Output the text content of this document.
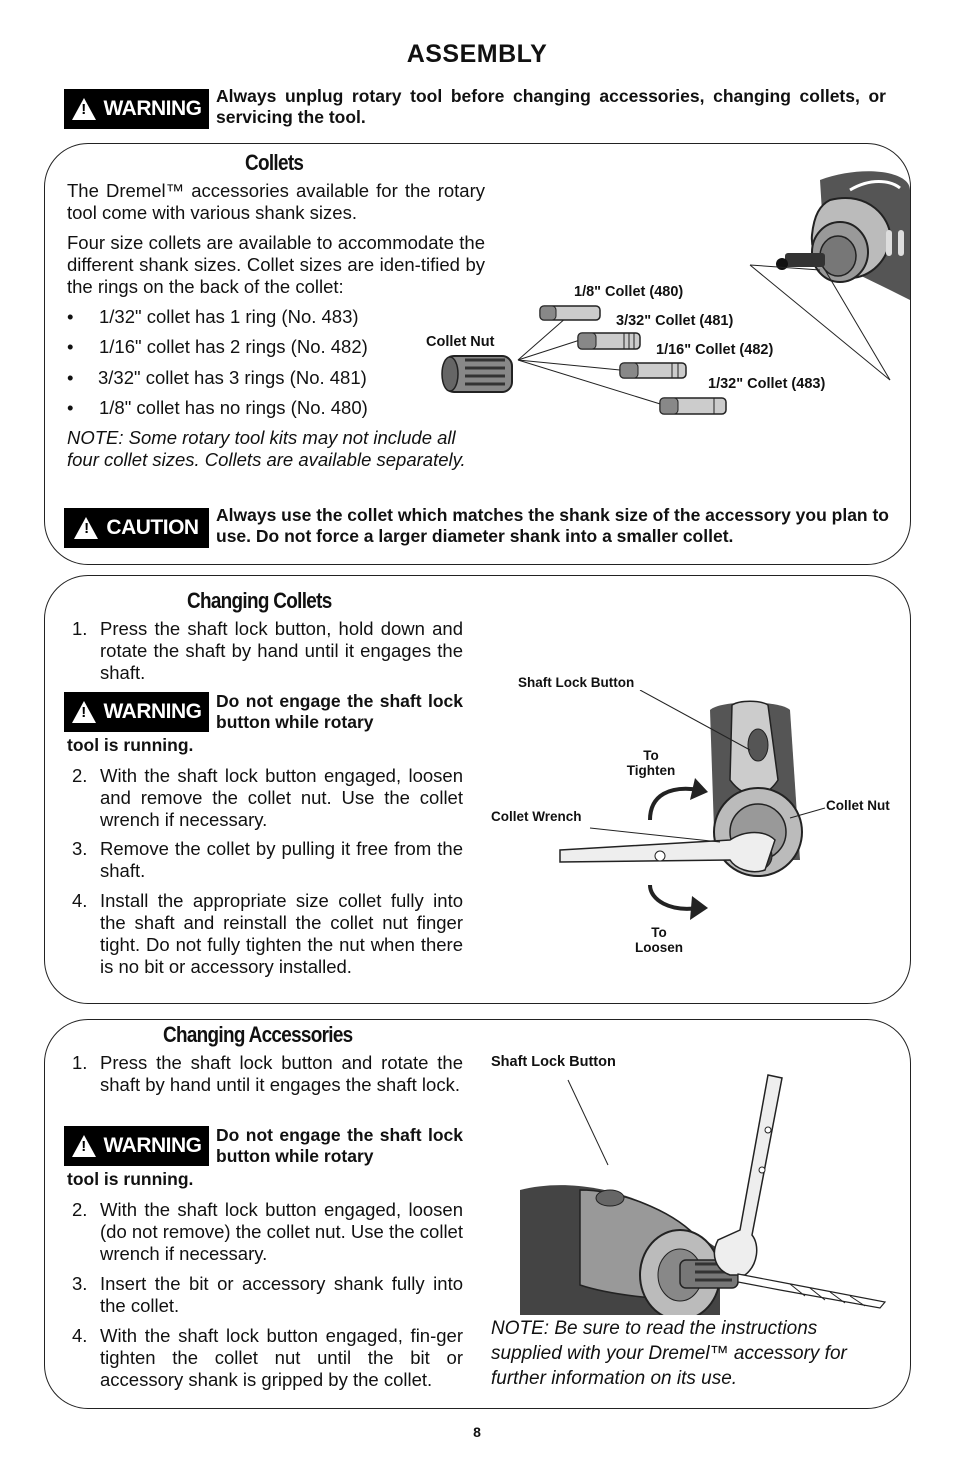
ASSEMBLY
! WARNING
Always unplug rotary tool before changing accessories, changing collets, or servicing the tool.
Collets
The Dremel™ accessories available for the rotary tool come with various shank sizes.
Four size collets are available to accommodate the different shank sizes. Collet sizes are iden-tified by the rings on the back of the collet:
• 1/32" collet has 1 ring (No. 483)
• 1/16" collet has 2 rings (No. 482)
• 3/32" collet has 3 rings (No. 481)
• 1/8" collet has no rings (No. 480)
NOTE: Some rotary tool kits may not include all four collet sizes. Collets are available separately.
Collet Nut
1/8" Collet (480)
3/32" Collet (481)
1/16" Collet (482)
1/32" Collet (483)
! CAUTION
Always use the collet which matches the shank size of the accessory you plan to use. Do not force a larger diameter shank into a smaller collet.
Changing Collets
1. Press the shaft lock button, hold down and rotate the shaft by hand until it engages the shaft.
! WARNING Do not engage the shaft lock button while rotary
tool is running.
2. With the shaft lock button engaged, loosen and remove the collet nut. Use the collet wrench if necessary.
3. Remove the collet by pulling it free from the shaft.
4. Install the appropriate size collet fully into the shaft and reinstall the collet nut finger tight. Do not fully tighten the nut when there is no bit or accessory installed.
Shaft Lock Button
To
Tighten
Collet Nut
Collet Wrench
To
Loosen
Changing Accessories
1. Press the shaft lock button and rotate the shaft by hand until it engages the shaft lock.
! WARNING Do not engage the shaft lock button while rotary
tool is running.
2. With the shaft lock button engaged, loosen (do not remove) the collet nut. Use the collet wrench if necessary.
3. Insert the bit or accessory shank fully into the collet.
4. With the shaft lock button engaged, fin-ger tighten the collet nut until the bit or accessory shank is gripped by the collet.
Shaft Lock Button
NOTE: Be sure to read the instructions supplied with your Dremel™ accessory for further information on its use.
8
